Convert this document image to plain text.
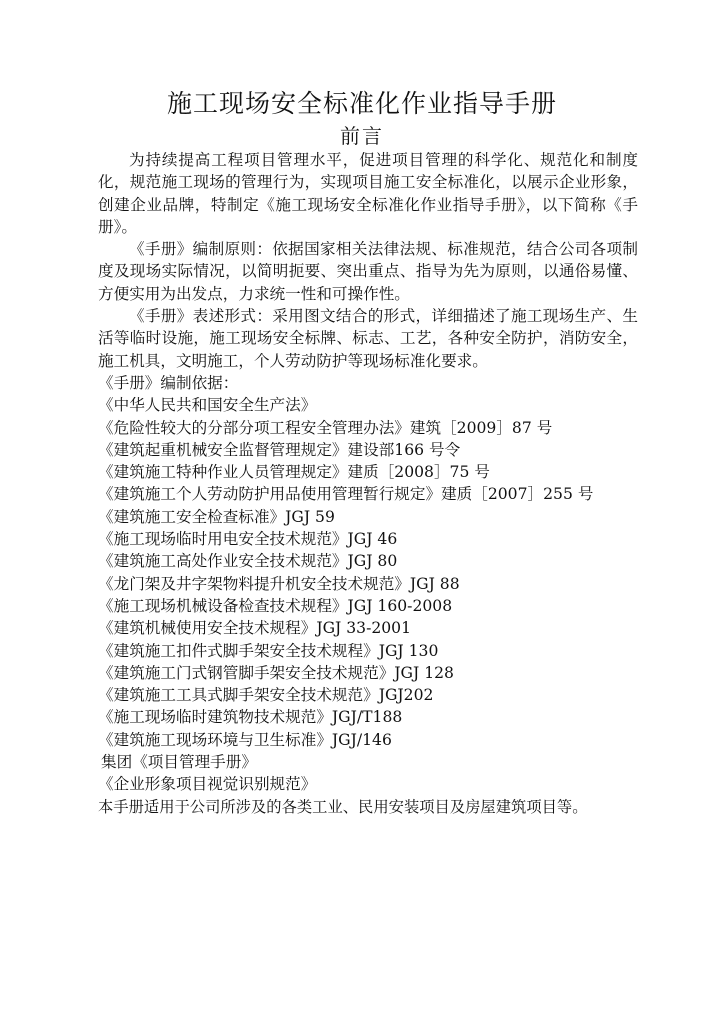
施工现场安全标准化作业指导手册
前言

为持续提高工程项目管理水平，促进项目管理的科学化、规范化和制度化，规范施工现场的管理行为，实现项目施工安全标准化，以展示企业形象，创建企业品牌，特制定《施工现场安全标准化作业指导手册》，以下简称《手册》。

《手册》编制原则：依据国家相关法律法规、标准规范，结合公司各项制度及现场实际情况，以简明扼要、突出重点、指导为先为原则，以通俗易懂、方便实用为出发点，力求统一性和可操作性。

《手册》表述形式：采用图文结合的形式，详细描述了施工现场生产、生活等临时设施，施工现场安全标牌、标志、工艺，各种安全防护，消防安全，施工机具，文明施工，个人劳动防护等现场标准化要求。

《手册》编制依据：

《中华人民共和国安全生产法》

《危险性较大的分部分项工程安全管理办法》建筑［2009］87 号

《建筑起重机械安全监督管理规定》建设部166 号令

《建筑施工特种作业人员管理规定》建质［2008］75 号

《建筑施工个人劳动防护用品使用管理暂行规定》建质［2007］255 号

《建筑施工安全检查标准》JGJ 59

《施工现场临时用电安全技术规范》JGJ 46

《建筑施工高处作业安全技术规范》JGJ 80

《龙门架及井字架物料提升机安全技术规范》JGJ 88

《施工现场机械设备检查技术规程》JGJ 160-2008

《建筑机械使用安全技术规程》JGJ 33-2001

《建筑施工扣件式脚手架安全技术规程》JGJ 130

《建筑施工门式钢管脚手架安全技术规范》JGJ 128

《建筑施工工具式脚手架安全技术规范》JGJ202

《施工现场临时建筑物技术规范》JGJ/T188

《建筑施工现场环境与卫生标准》JGJ/146

集团《项目管理手册》

《企业形象项目视觉识别规范》

本手册适用于公司所涉及的各类工业、民用安装项目及房屋建筑项目等。
